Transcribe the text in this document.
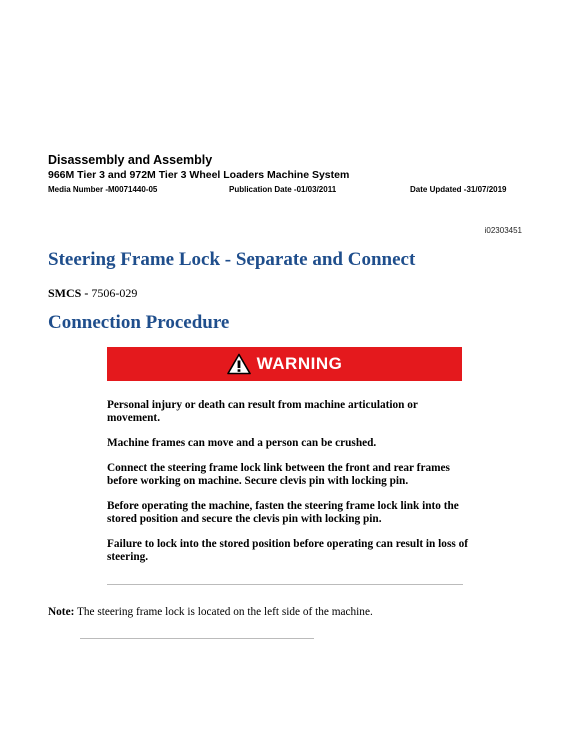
Disassembly and Assembly
966M Tier 3 and 972M Tier 3 Wheel Loaders Machine System
Media Number -M0071440-05	Publication Date -01/03/2011	Date Updated -31/07/2019
i02303451
Steering Frame Lock - Separate and Connect
SMCS - 7506-029
Connection Procedure
WARNING

Personal injury or death can result from machine articulation or movement.

Machine frames can move and a person can be crushed.

Connect the steering frame lock link between the front and rear frames before working on machine. Secure clevis pin with locking pin.

Before operating the machine, fasten the steering frame lock link into the stored position and secure the clevis pin with locking pin.

Failure to lock into the stored position before operating can result in loss of steering.

Note: The steering frame lock is located on the left side of the machine.
